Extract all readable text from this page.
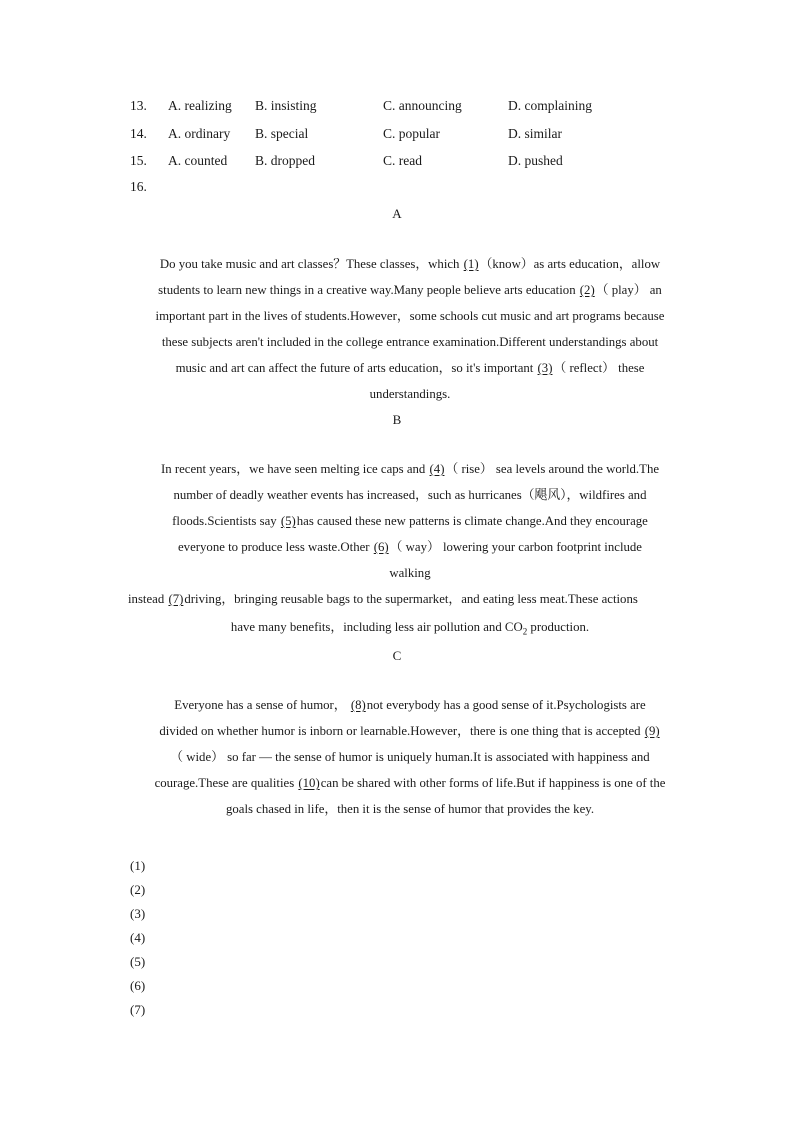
13. A. realizing B. insisting	C. announcing	D. complaining
14. A. ordinary B. special	C. popular	D. similar
15. A. counted B. dropped	C. read	D. pushed
16.
A
Do you take music and art classes？These classes，which (1)（know）as arts education，allow
students to learn new things in a creative way.Many people believe arts education (2)（ play） an
important part in the lives of students.However，some schools cut music and art programs because
these subjects aren't included in the college entrance examination.Different understandings about
music and art can affect the future of arts education，so it's important (3)（ reflect） these
understandings.
B
In recent years，we have seen melting ice caps and (4)（ rise） sea levels around the world.The
number of deadly weather events has increased，such as hurricanes（飓风），wildfires and
floods.Scientists say (5)has caused these new patterns is climate change.And they encourage
everyone to produce less waste.Other (6)（ way） lowering your carbon footprint include
walking
instead (7)driving，bringing reusable bags to the supermarket，and eating less meat.These actions
have many benefits，including less air pollution and $CO_2$ production.
C
Everyone has a sense of humor， (8)not everybody has a good sense of it.Psychologists are
divided on whether humor is inborn or learnable.However，there is one thing that is accepted (9)
（ wide） so far — the sense of humor is uniquely human.It is associated with happiness and
courage.These are qualities (10)can be shared with other forms of life.But if happiness is one of the
goals chased in life，then it is the sense of humor that provides the key.
(1)
(2)
(3)
(4)
(5)
(6)
(7)
